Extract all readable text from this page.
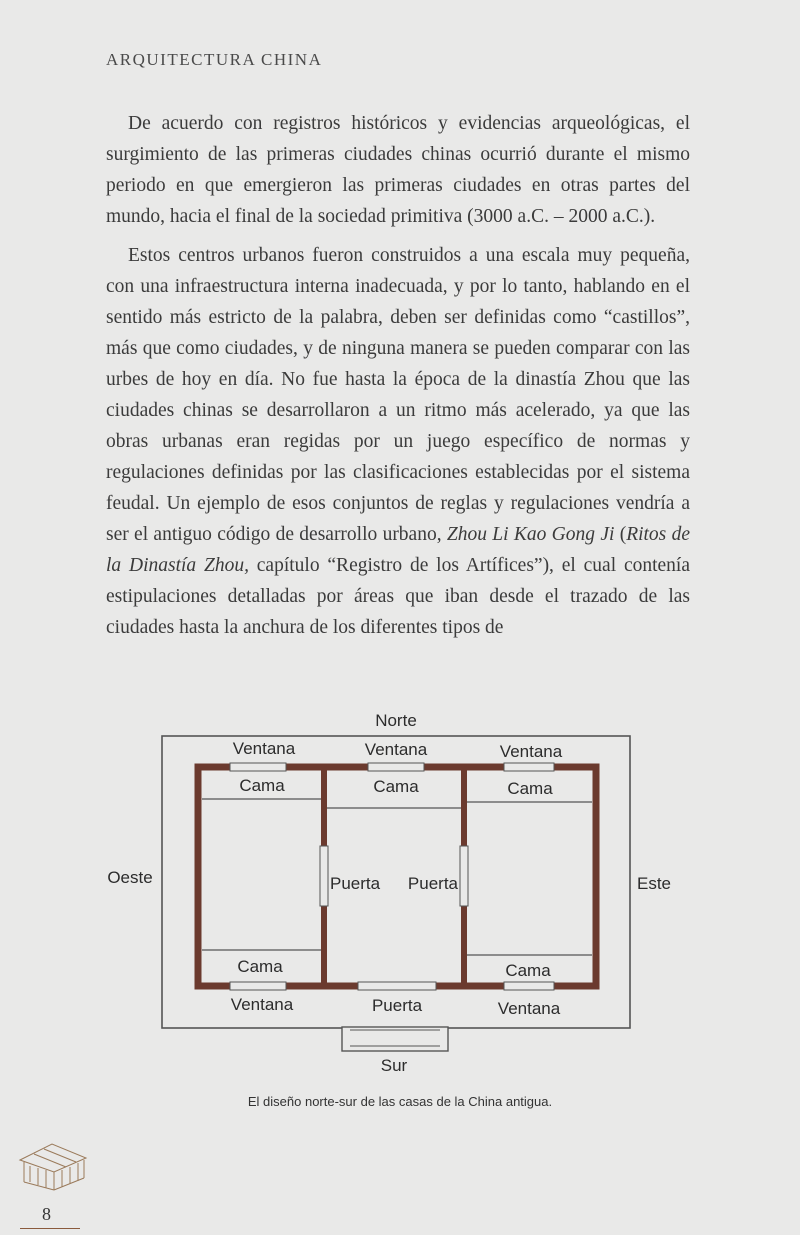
ARQUITECTURA CHINA

De acuerdo con registros históricos y evidencias arqueológicas, el surgimiento de las primeras ciudades chinas ocurrió durante el mismo periodo en que emergieron las primeras ciudades en otras partes del mundo, hacia el final de la sociedad primitiva (3000 a.C. – 2000 a.C.).

Estos centros urbanos fueron construidos a una escala muy pequeña, con una infraestructura interna inadecuada, y por lo tanto, hablando en el sentido más estricto de la palabra, deben ser definidas como “castillos”, más que como ciudades, y de ninguna manera se pueden comparar con las urbes de hoy en día. No fue hasta la época de la dinastía Zhou que las ciudades chinas se desarrollaron a un ritmo más acelerado, ya que las obras urbanas eran regidas por un juego específico de normas y regulaciones definidas por las clasificaciones establecidas por el sistema feudal. Un ejemplo de esos conjuntos de reglas y regulaciones vendría a ser el antiguo código de desarrollo urbano, Zhou Li Kao Gong Ji (Ritos de la Dinastía Zhou, capítulo “Registro de los Artífices”), el cual contenía estipulaciones detalladas por áreas que iban desde el trazado de las ciudades hasta la anchura de los diferentes tipos de

Norte
Ventana	Ventana	Ventana
Cama	Cama	Cama
Oeste	Puerta Puerta	Este
Cama	Cama
Ventana	Puerta	Ventana
Sur
El diseño norte-sur de las casas de la China antigua.
8
